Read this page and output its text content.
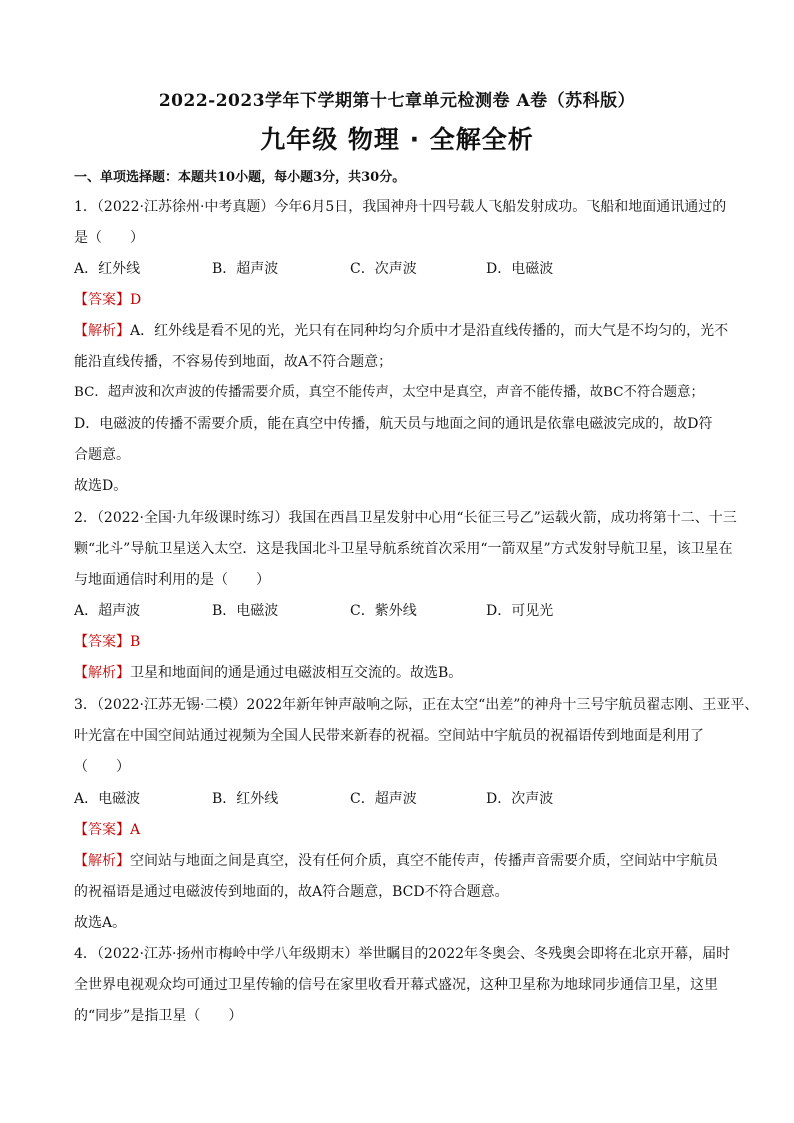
2022-2023学年下学期第十七章单元检测卷 A卷（苏科版）
九年级 物理 · 全解全析
一、单项选择题：本题共10小题，每小题3分，共30分。
1．（2022·江苏徐州·中考真题）今年6月5日，我国神舟十四号载人飞船发射成功。飞船和地面通讯通过的
是（　　）
A．红外线	B．超声波	C．次声波	D．电磁波
【答案】D
【解析】A．红外线是看不见的光，光只有在同种均匀介质中才是沿直线传播的，而大气是不均匀的，光不
能沿直线传播，不容易传到地面，故A不符合题意；
BC．超声波和次声波的传播需要介质，真空不能传声，太空中是真空，声音不能传播，故BC不符合题意；
D．电磁波的传播不需要介质，能在真空中传播，航天员与地面之间的通讯是依靠电磁波完成的，故D符
合题意。
故选D。
2．（2022·全国·九年级课时练习）我国在西昌卫星发射中心用“长征三号乙”运载火箭，成功将第十二、十三
颗“北斗”导航卫星送入太空．这是我国北斗卫星导航系统首次采用“一箭双星”方式发射导航卫星，该卫星在
与地面通信时利用的是（　　）
A．超声波	B．电磁波	C．紫外线	D．可见光
【答案】B
【解析】卫星和地面间的通是通过电磁波相互交流的。故选B。
3．（2022·江苏无锡·二模）2022年新年钟声敲响之际，正在太空“出差”的神舟十三号宇航员翟志刚、王亚平、
叶光富在中国空间站通过视频为全国人民带来新春的祝福。空间站中宇航员的祝福语传到地面是利用了
（　　）
A．电磁波	B．红外线	C．超声波	D．次声波
【答案】A
【解析】空间站与地面之间是真空，没有任何介质，真空不能传声，传播声音需要介质，空间站中宇航员
的祝福语是通过电磁波传到地面的，故A符合题意，BCD不符合题意。
故选A。
4．（2022·江苏·扬州市梅岭中学八年级期末）举世瞩目的2022年冬奥会、冬残奥会即将在北京开幕，届时
全世界电视观众均可通过卫星传输的信号在家里收看开幕式盛况，这种卫星称为地球同步通信卫星，这里
的“同步”是指卫星（　　）
